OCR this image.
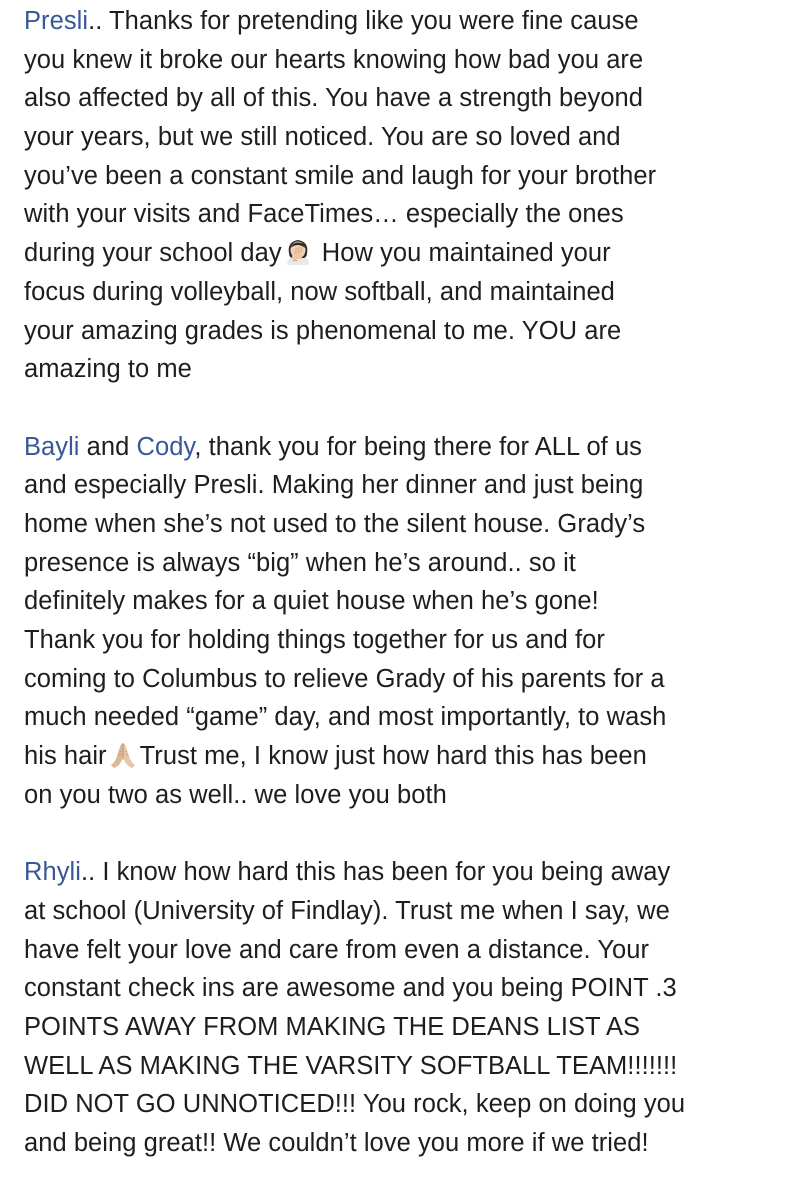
Presli.. Thanks for pretending like you were fine cause
you knew it broke our hearts knowing how bad you are
also affected by all of this. You have a strength beyond
your years, but we still noticed. You are so loved and
you’ve been a constant smile and laugh for your brother
with your visits and FaceTimes… especially the ones
during your school day
How you maintained your
focus during volleyball, now softball, and maintained
your amazing grades is phenomenal to me. YOU are
amazing to me
Bayli and Cody, thank you for being there for ALL of us
and especially Presli. Making her dinner and just being
home when she’s not used to the silent house. Grady’s
presence is always “big” when he’s around.. so it
definitely makes for a quiet house when he’s gone!
Thank you for holding things together for us and for
coming to Columbus to relieve Grady of his parents for a
much needed “game” day, and most importantly, to wash
his hair Trust me, I know just how hard this has been
on you two as well.. we love you both
Rhyli.. I know how hard this has been for you being away
at school (University of Findlay). Trust me when I say, we
have felt your love and care from even a distance. Your
constant check ins are awesome and you being POINT .3
POINTS AWAY FROM MAKING THE DEANS LIST AS
WELL AS MAKING THE VARSITY SOFTBALL TEAM!!!!!!!
DID NOT GO UNNOTICED!!! You rock, keep on doing you
and being great!! We couldn’t love you more if we tried!
